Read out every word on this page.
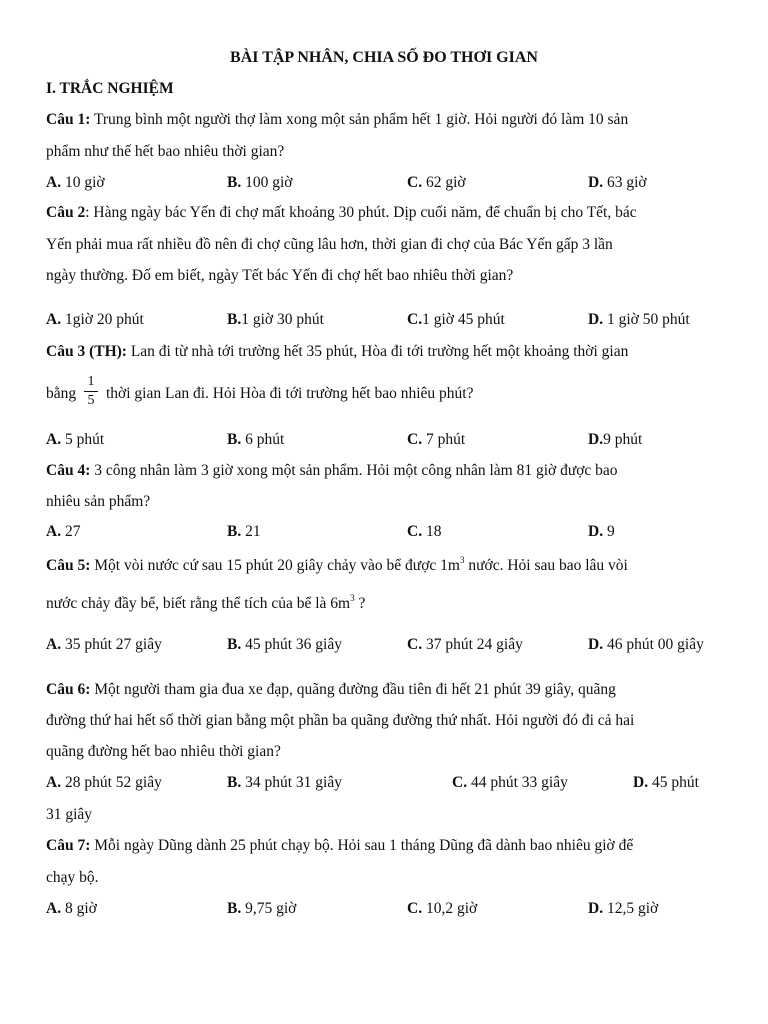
BÀI TẬP NHÂN, CHIA SỐ ĐO THƠI GIAN
I. TRẮC NGHIỆM
Câu 1: Trung bình một người thợ làm xong một sản phẩm hết 1 giờ. Hỏi người đó làm 10 sản
phẩm như thế hết bao nhiêu thời gian?
A. 10 giờ	B. 100 giờ	C. 62 giờ	D. 63 giờ
Câu 2: Hàng ngày bác Yến đi chợ mất khoảng 30 phút. Dịp cuối năm, để chuẩn bị cho Tết, bác
Yến phải mua rất nhiều đồ nên đi chợ cũng lâu hơn, thời gian đi chợ của Bác Yến gấp 3 lần
ngày thường. Đố em biết, ngày Tết bác Yến đi chợ hết bao nhiêu thời gian?
A. 1giờ 20 phút	B.1 giờ 30 phút	C.1 giờ 45 phút	D. 1 giờ 50 phút
Câu 3 (TH): Lan đi từ nhà tới trường hết 35 phút, Hòa đi tới trường hết một khoảng thời gian
bằng
1
5 thời gian Lan đi. Hỏi Hòa đi tới trường hết bao nhiêu phút?
A. 5 phút	B. 6 phút	C. 7 phút	D.9 phút
Câu 4: 3 công nhân làm 3 giờ xong một sản phẩm. Hỏi một công nhân làm 81 giờ được bao
nhiêu sản phẩm?
A. 27	B. 21	C. 18	D. 9
Câu 5: Một vòi nước cứ sau 15 phút 20 giây chảy vào bể được $1m^3$ nước. Hỏi sau bao lâu vòi
nước chảy đầy bể, biết rằng thể tích của bể là $6m^3$ ?
A. 35 phút 27 giây	B. 45 phút 36 giây	C. 37 phút 24 giây	D. 46 phút 00 giây
Câu 6: Một người tham gia đua xe đạp, quãng đường đầu tiên đi hết 21 phút 39 giây, quãng
đường thứ hai hết số thời gian bằng một phần ba quãng đường thứ nhất. Hỏi người đó đi cả hai
quãng đường hết bao nhiêu thời gian?
A. 28 phút 52 giây	B. 34 phút 31 giây	C. 44 phút 33 giây	D. 45 phút
31 giây
Câu 7: Mỗi ngày Dũng dành 25 phút chạy bộ. Hỏi sau 1 tháng Dũng đã dành bao nhiêu giờ để
chạy bộ.
A. 8 giờ	B. 9,75 giờ	C. 10,2 giờ	D. 12,5 giờ
